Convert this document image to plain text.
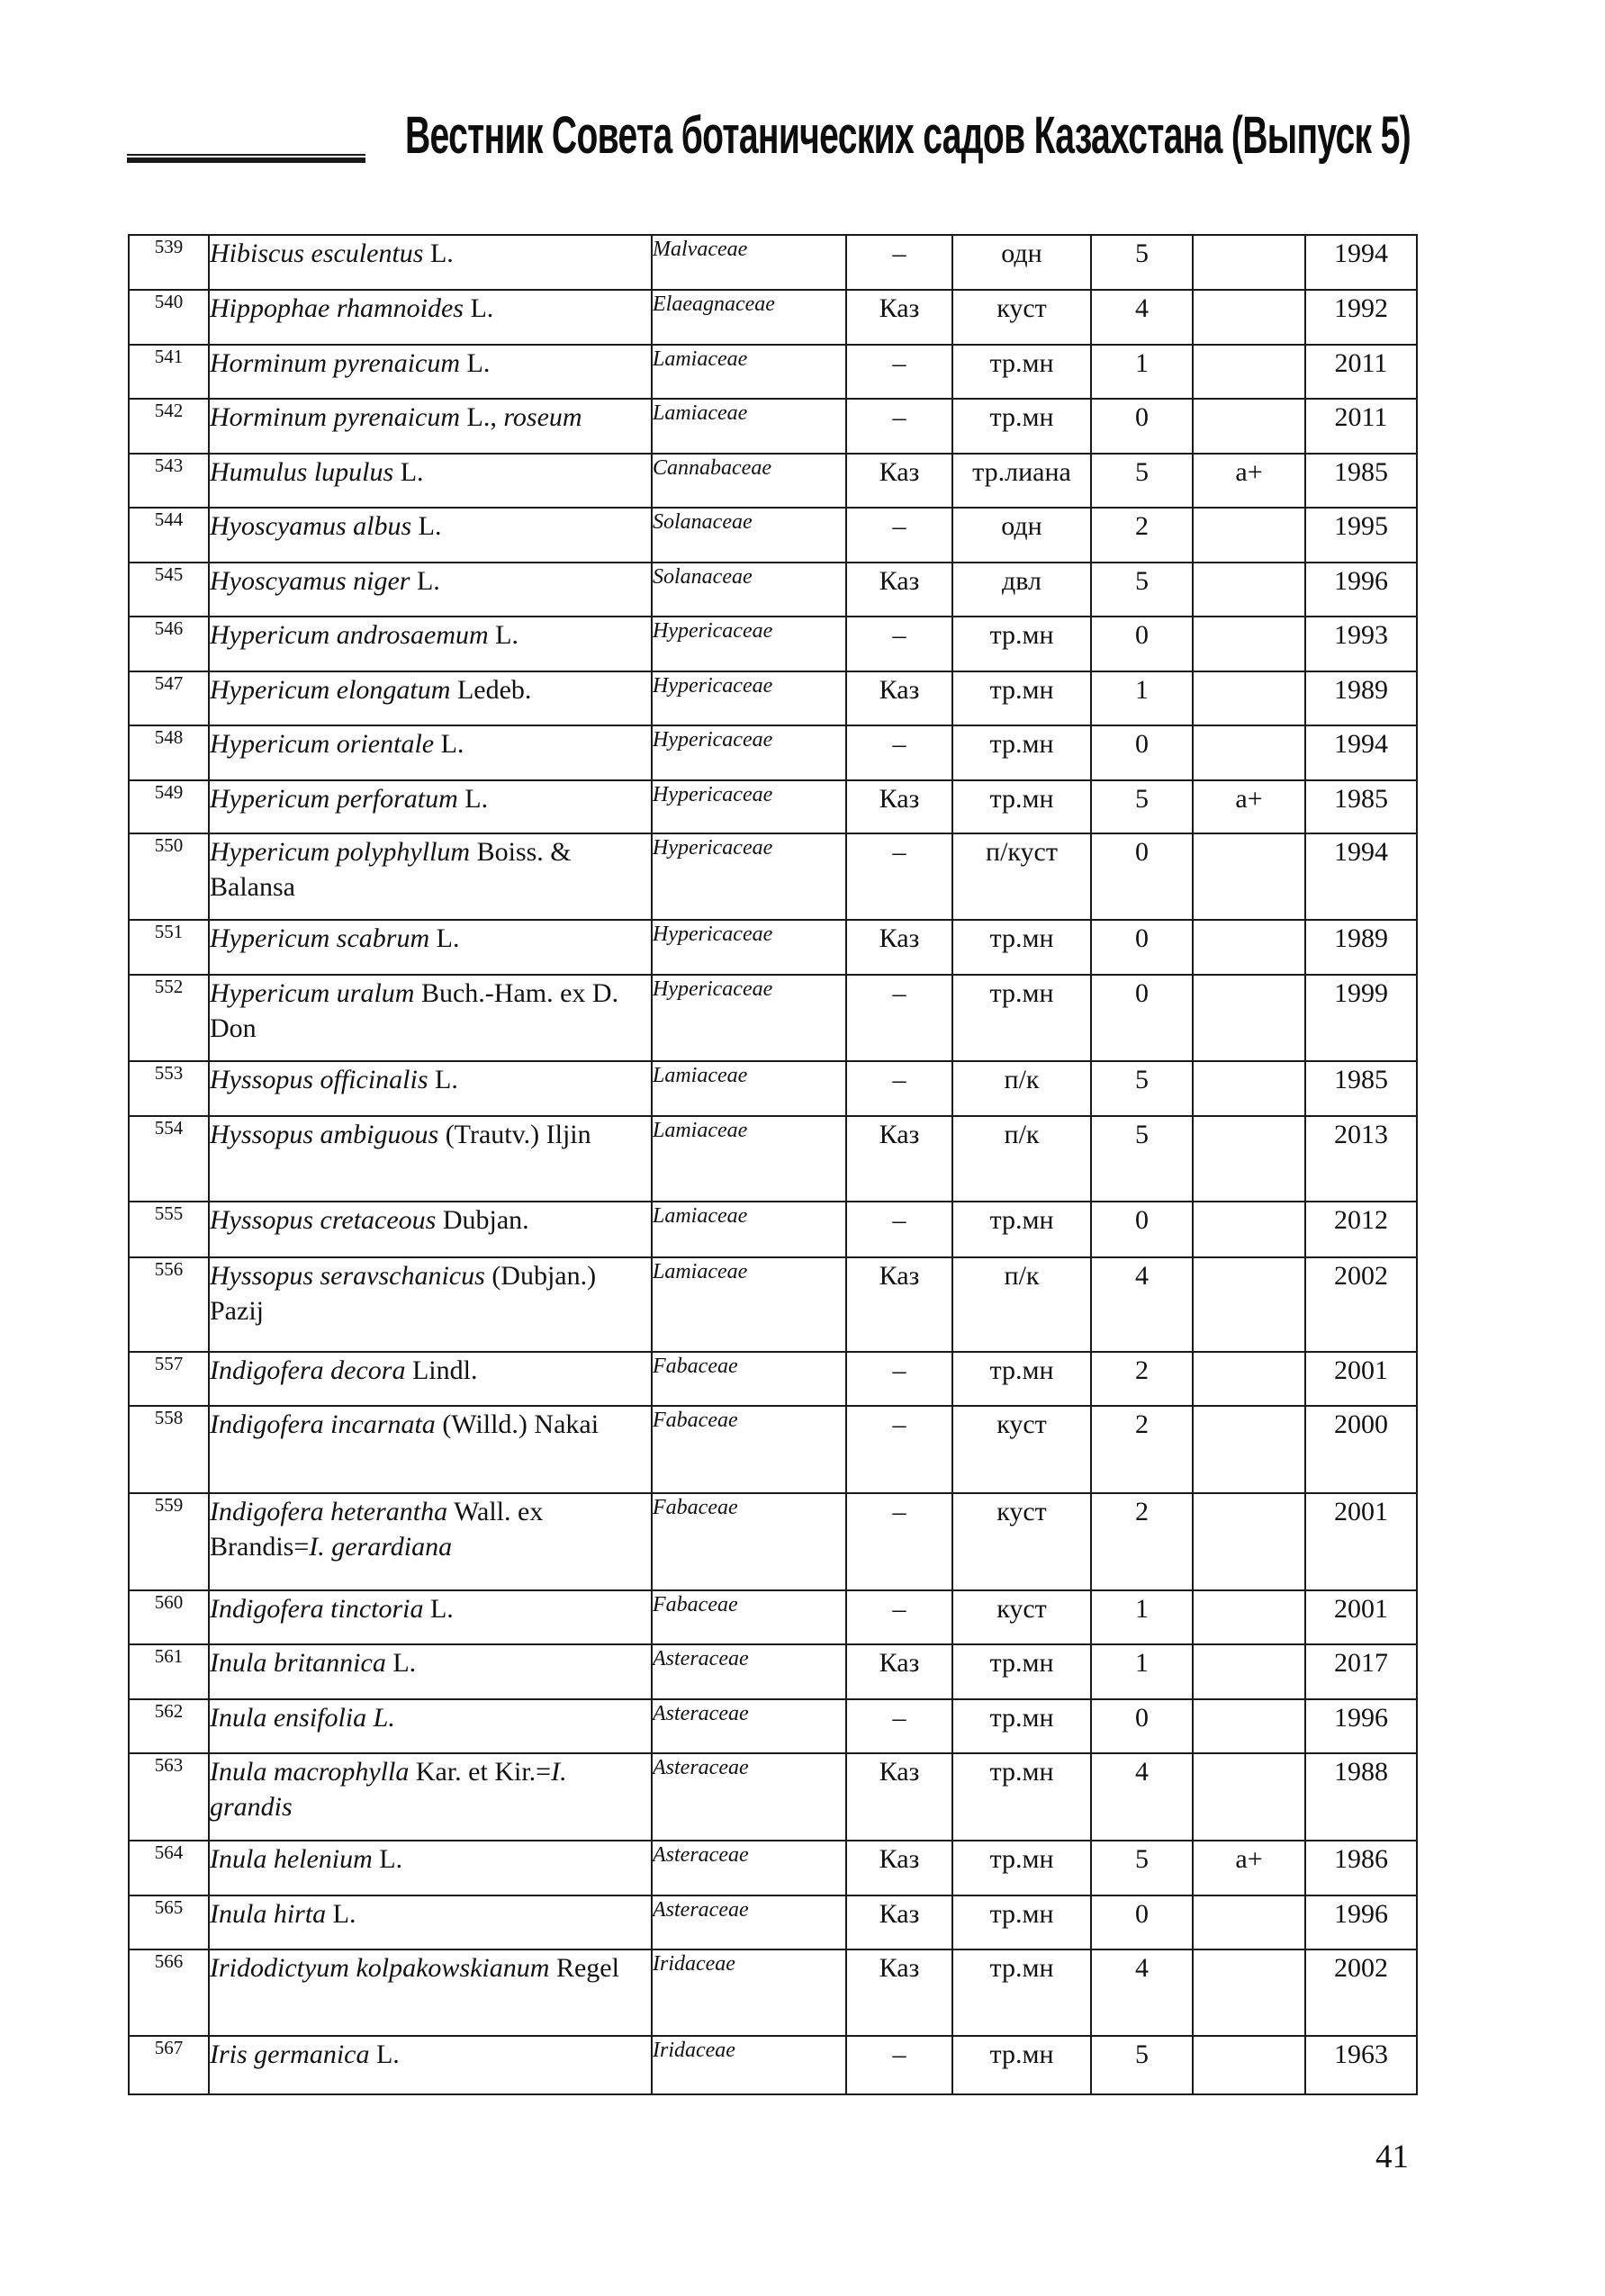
Вестник Совета ботанических садов Казахстана (Выпуск 5)
539	Hibiscus esculentus L.	Malvaceae	–	одн	5		1994
540	Hippophae rhamnoides L.	Elaeagnaceae	Каз	куст	4		1992
541	Horminum pyrenaicum L.	Lamiaceae	–	тр.мн	1		2011
542	Horminum pyrenaicum L., roseum	Lamiaceae	–	тр.мн	0		2011
543	Humulus lupulus L.	Cannabaceae	Каз	тр.лиана	5	а+	1985
544	Hyoscyamus albus L.	Solanaceae	–	одн	2		1995
545	Hyoscyamus niger L.	Solanaceae	Каз	двл	5		1996
546	Hypericum androsaemum L.	Hypericaceae	–	тр.мн	0		1993
547	Hypericum elongatum Ledeb.	Hypericaceae	Каз	тр.мн	1		1989
548	Hypericum orientale L.	Hypericaceae	–	тр.мн	0		1994
549	Hypericum perforatum L.	Hypericaceae	Каз	тр.мн	5	а+	1985
550	Hypericum polyphyllum Boiss. & Balansa	Hypericaceae	–	п/куст	0		1994
551	Hypericum scabrum L.	Hypericaceae	Каз	тр.мн	0		1989
552	Hypericum uralum Buch.-Ham. ex D. Don	Hypericaceae	–	тр.мн	0		1999
553	Hyssopus officinalis L.	Lamiaceae	–	п/к	5		1985
554	Hyssopus ambiguous (Trautv.) Iljin	Lamiaceae	Каз	п/к	5		2013
555	Hyssopus cretaceous Dubjan.	Lamiaceae	–	тр.мн	0		2012
556	Hyssopus seravschanicus (Dubjan.) Pazij	Lamiaceae	Каз	п/к	4		2002
557	Indigofera decora Lindl.	Fabaceae	–	тр.мн	2		2001
558	Indigofera incarnata (Willd.) Nakai	Fabaceae	–	куст	2		2000
559	Indigofera heterantha Wall. ex Brandis=I. gerardiana	Fabaceae	–	куст	2		2001
560	Indigofera tinctoria L.	Fabaceae	–	куст	1		2001
561	Inula britannica L.	Asteraceae	Каз	тр.мн	1		2017
562	Inula ensifolia L.	Asteraceae	–	тр.мн	0		1996
563	Inula macrophylla Kar. et Kir.=I. grandis	Asteraceae	Каз	тр.мн	4		1988
564	Inula helenium L.	Asteraceae	Каз	тр.мн	5	а+	1986
565	Inula hirta L.	Asteraceae	Каз	тр.мн	0		1996
566	Iridodictyum kolpakowskianum Regel	Iridaceae	Каз	тр.мн	4		2002
567	Iris germanica L.	Iridaceae	–	тр.мн	5		1963
41
